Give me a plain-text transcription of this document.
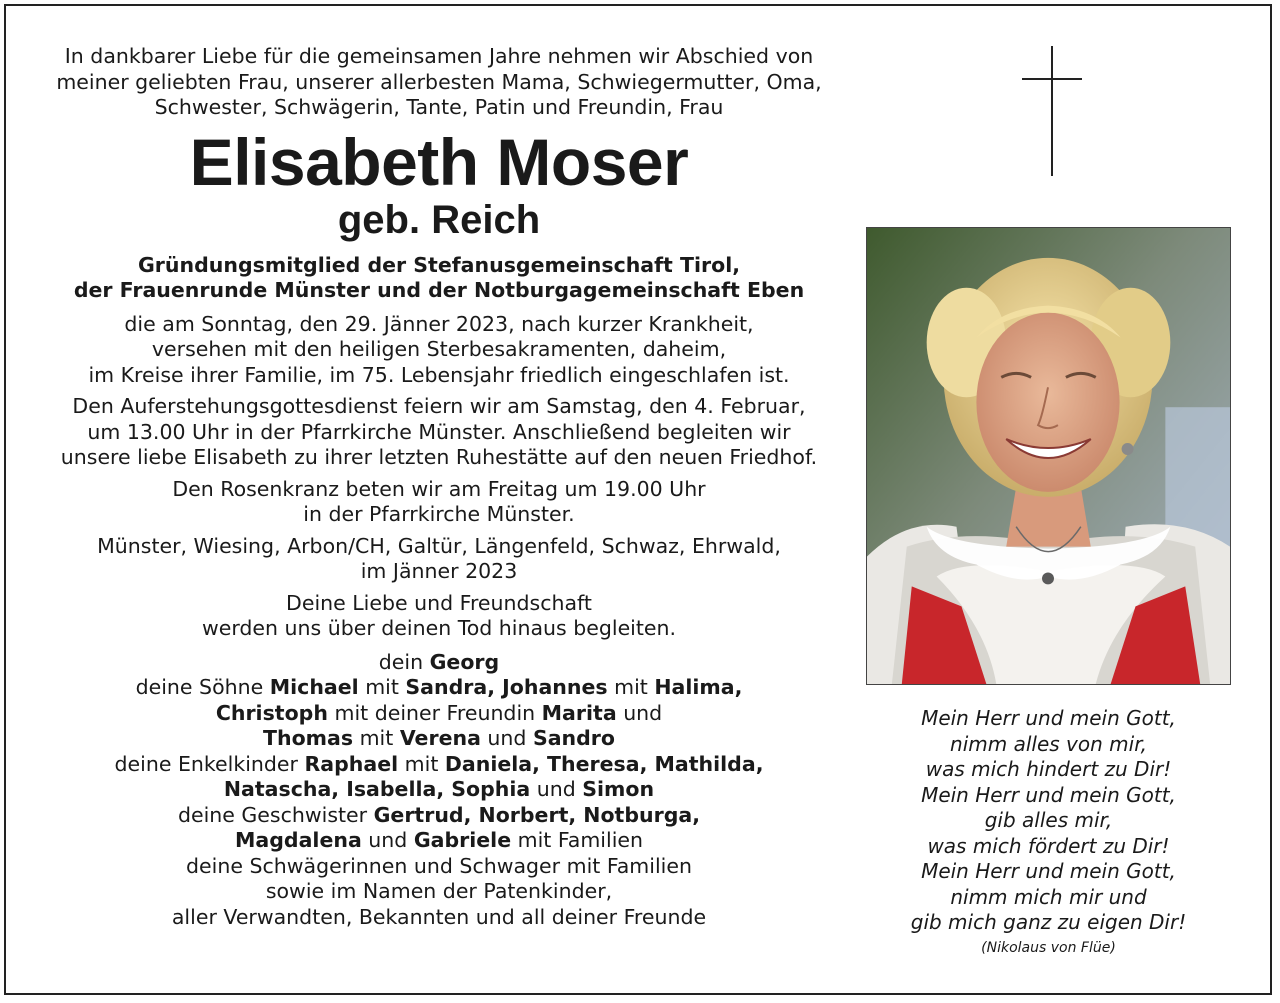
In dankbarer Liebe für die gemeinsamen Jahre nehmen wir Abschied von
meiner geliebten Frau, unserer allerbesten Mama, Schwiegermutter, Oma,
Schwester, Schwägerin, Tante, Patin und Freundin, Frau

Elisabeth Moser
geb. Reich

Gründungsmitglied der Stefanusgemeinschaft Tirol,
der Frauenrunde Münster und der Notburgagemeinschaft Eben

die am Sonntag, den 29. Jänner 2023, nach kurzer Krankheit,
versehen mit den heiligen Sterbesakramenten, daheim,
im Kreise ihrer Familie, im 75. Lebensjahr friedlich eingeschlafen ist.

Den Auferstehungsgottesdienst feiern wir am Samstag, den 4. Februar,
um 13.00 Uhr in der Pfarrkirche Münster. Anschließend begleiten wir
unsere liebe Elisabeth zu ihrer letzten Ruhestätte auf den neuen Friedhof.

Den Rosenkranz beten wir am Freitag um 19.00 Uhr
in der Pfarrkirche Münster.

Münster, Wiesing, Arbon/CH, Galtür, Längenfeld, Schwaz, Ehrwald,
im Jänner 2023

Deine Liebe und Freundschaft
werden uns über deinen Tod hinaus begleiten.

dein Georg
deine Söhne Michael mit Sandra, Johannes mit Halima,
Christoph mit deiner Freundin Marita und
Thomas mit Verena und Sandro
deine Enkelkinder Raphael mit Daniela, Theresa, Mathilda,
Natascha, Isabella, Sophia und Simon
deine Geschwister Gertrud, Norbert, Notburga,
Magdalena und Gabriele mit Familien
deine Schwägerinnen und Schwager mit Familien
sowie im Namen der Patenkinder,
aller Verwandten, Bekannten und all deiner Freunde
Mein Herr und mein Gott,
nimm alles von mir,
was mich hindert zu Dir!
Mein Herr und mein Gott,
gib alles mir,
was mich fördert zu Dir!
Mein Herr und mein Gott,
nimm mich mir und
gib mich ganz zu eigen Dir!
(Nikolaus von Flüe)
